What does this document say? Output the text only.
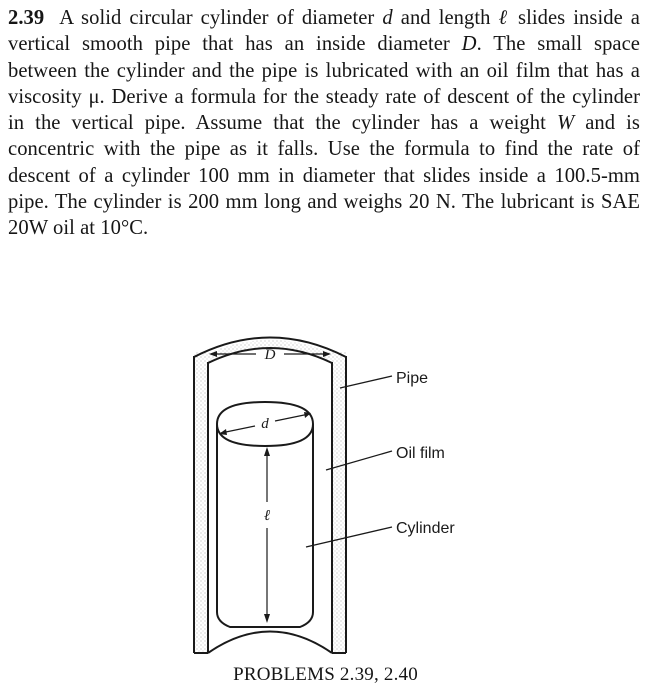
2.39 A solid circular cylinder of diameter d and length ℓ slides inside a vertical smooth pipe that has an inside diameter D. The small space between the cylinder and the pipe is lubricated with an oil film that has a viscosity μ. Derive a formula for the steady rate of descent of the cylinder in the vertical pipe. Assume that the cylinder has a weight W and is concentric with the pipe as it falls. Use the formula to find the rate of descent of a cylinder 100 mm in diameter that slides inside a 100.5-mm pipe. The cylinder is 200 mm long and weighs 20 N. The lubricant is SAE 20W oil at 10°C.
D
d
ℓ
Pipe
Oil film
Cylinder
PROBLEMS 2.39, 2.40
